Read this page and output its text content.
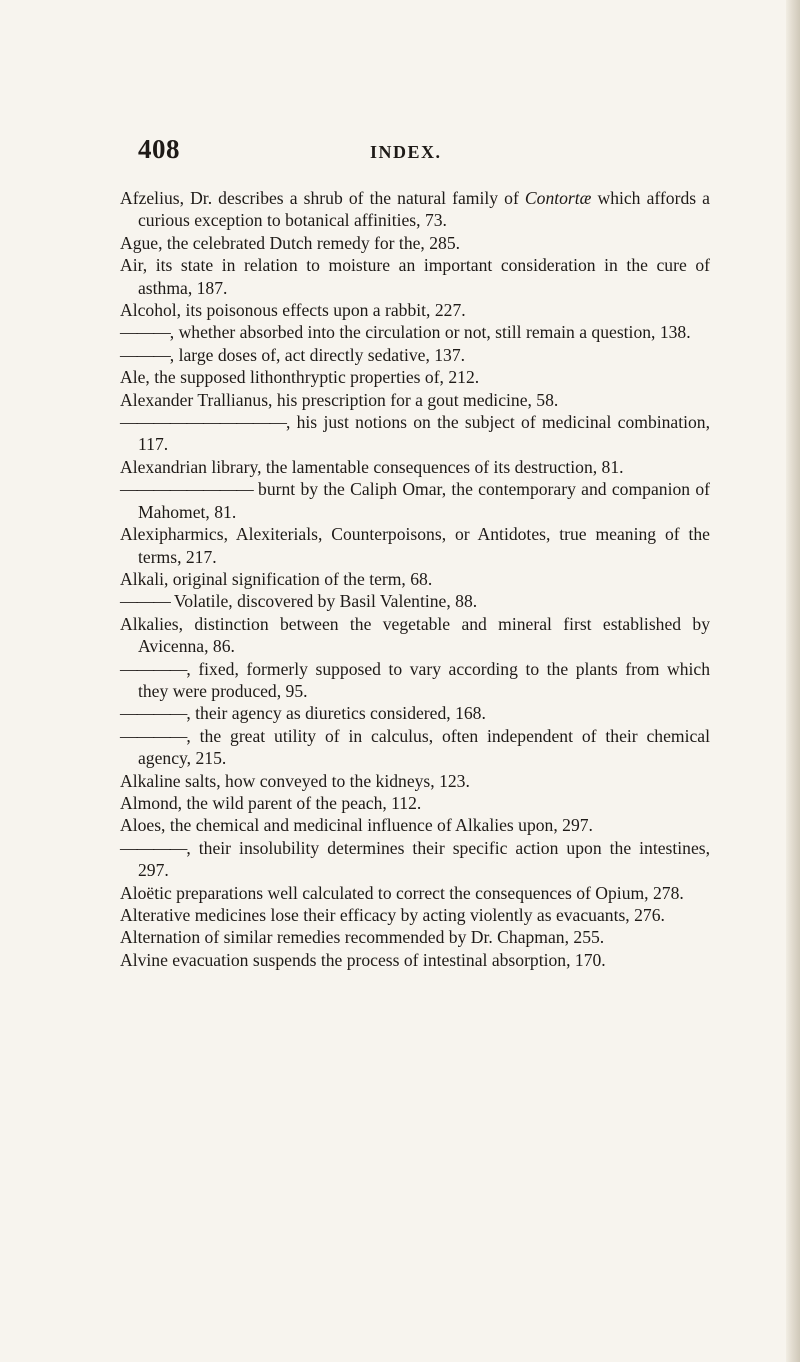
408	INDEX.

Afzelius, Dr. describes a shrub of the natural family of Contortæ which affords a curious exception to botanical affinities, 73.

Ague, the celebrated Dutch remedy for the, 285.

Air, its state in relation to moisture an important consideration in the cure of asthma, 187.

Alcohol, its poisonous effects upon a rabbit, 227.

———, whether absorbed into the circulation or not, still remain a question, 138.

———, large doses of, act directly sedative, 137.

Ale, the supposed lithonthryptic properties of, 212.

Alexander Trallianus, his prescription for a gout medicine, 58.

——————————, his just notions on the subject of medicinal combination, 117.

Alexandrian library, the lamentable consequences of its destruction, 81.

———————— burnt by the Caliph Omar, the contemporary and companion of Mahomet, 81.

Alexipharmics, Alexiterials, Counterpoisons, or Antidotes, true meaning of the terms, 217.

Alkali, original signification of the term, 68.

——— Volatile, discovered by Basil Valentine, 88.

Alkalies, distinction between the vegetable and mineral first established by Avicenna, 86.

————, fixed, formerly supposed to vary according to the plants from which they were produced, 95.

————, their agency as diuretics considered, 168.

————, the great utility of in calculus, often independent of their chemical agency, 215.

Alkaline salts, how conveyed to the kidneys, 123.

Almond, the wild parent of the peach, 112.

Aloes, the chemical and medicinal influence of Alkalies upon, 297.

————, their insolubility determines their specific action upon the intestines, 297.

Aloëtic preparations well calculated to correct the consequences of Opium, 278.

Alterative medicines lose their efficacy by acting violently as evacuants, 276.

Alternation of similar remedies recommended by Dr. Chapman, 255.

Alvine evacuation suspends the process of intestinal absorption, 170.
